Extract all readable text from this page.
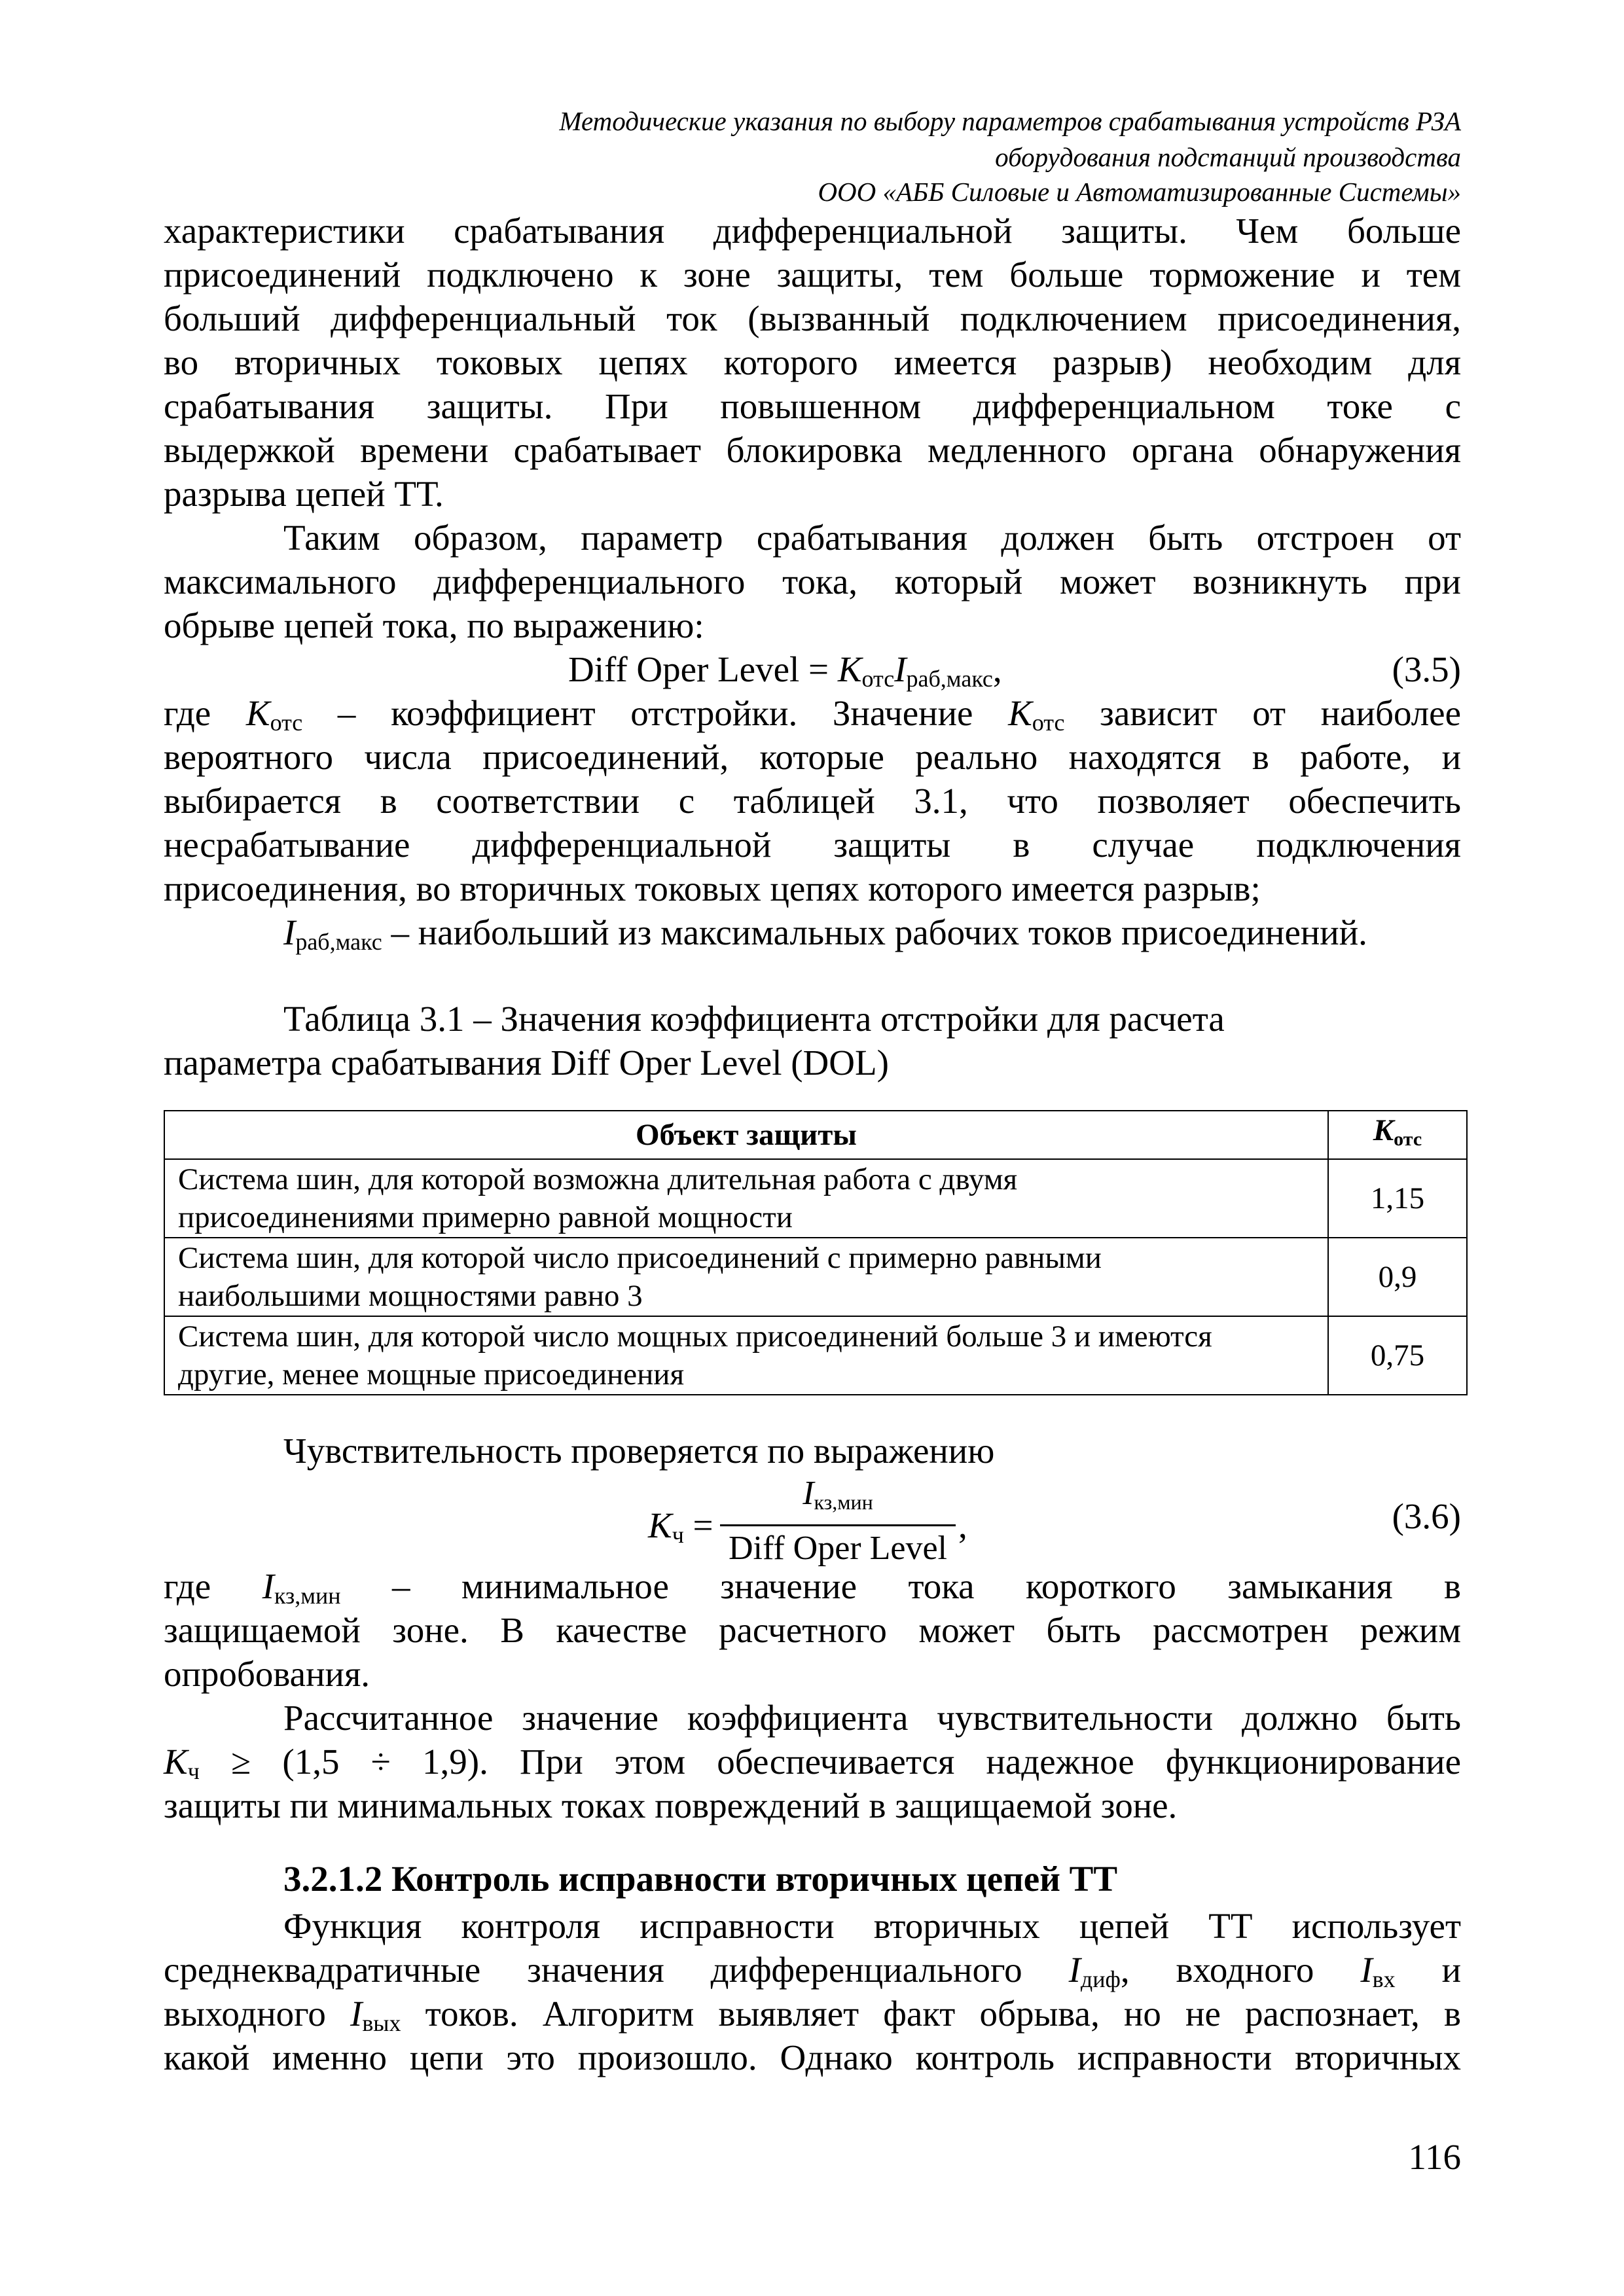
Методические указания по выбору параметров срабатывания устройств РЗА
оборудования подстанций производства
ООО «АББ Силовые и Автоматизированные Системы»
характеристики срабатывания дифференциальной защиты. Чем больше
присоединений подключено к зоне защиты, тем больше торможение и тем
больший дифференциальный ток (вызванный подключением присоединения,
во вторичных токовых цепях которого имеется разрыв) необходим для
срабатывания защиты. При повышенном дифференциальном токе с
выдержкой времени срабатывает блокировка медленного органа обнаружения
разрыва цепей ТТ.
Таким образом, параметр срабатывания должен быть отстроен от
максимального дифференциального тока, который может возникнуть при
обрыве цепей тока, по выражению:
Diff Oper Level = $K_{отс}I_{раб,макс}$,	(3.5)
где $K_{отс}$ – коэффициент отстройки. Значение $K_{отс}$ зависит от наиболее
вероятного числа присоединений, которые реально находятся в работе, и
выбирается в соответствии с таблицей 3.1, что позволяет обеспечить
несрабатывание дифференциальной защиты в случае подключения
присоединения, во вторичных токовых цепях которого имеется разрыв;
$I_{раб,макс}$ – наибольший из максимальных рабочих токов присоединений.
Таблица 3.1 – Значения коэффициента отстройки для расчета
параметра срабатывания Diff Oper Level (DOL)
Объект защиты	$K_{отс}$
Система шин, для которой возможна длительная работа с двумя
присоединениями примерно равной мощности	1,15
Система шин, для которой число присоединений с примерно равными
наибольшими мощностями равно 3	0,9
Система шин, для которой число мощных присоединений больше 3 и имеются
другие, менее мощные присоединения	0,75
Чувствительность проверяется по выражению
$K_ч$ =
$I_{кз,мин}$
Diff Oper Level
,	(3.6)
где $I_{кз,мин}$ – минимальное значение тока короткого замыкания в
защищаемой зоне. В качестве расчетного может быть рассмотрен режим
опробования.
Рассчитанное значение коэффициента чувствительности должно быть
$K_ч \ge (1,5 \div 1,9)$. При этом обеспечивается надежное функционирование
защиты пи минимальных токах повреждений в защищаемой зоне.
3.2.1.2 Контроль исправности вторичных цепей ТТ
Функция контроля исправности вторичных цепей ТТ использует
среднеквадратичные значения дифференциального $I_{диф}$, входного $I_{вх}$ и
выходного $I_{вых}$ токов. Алгоритм выявляет факт обрыва, но не распознает, в
какой именно цепи это произошло. Однако контроль исправности вторичных
116
